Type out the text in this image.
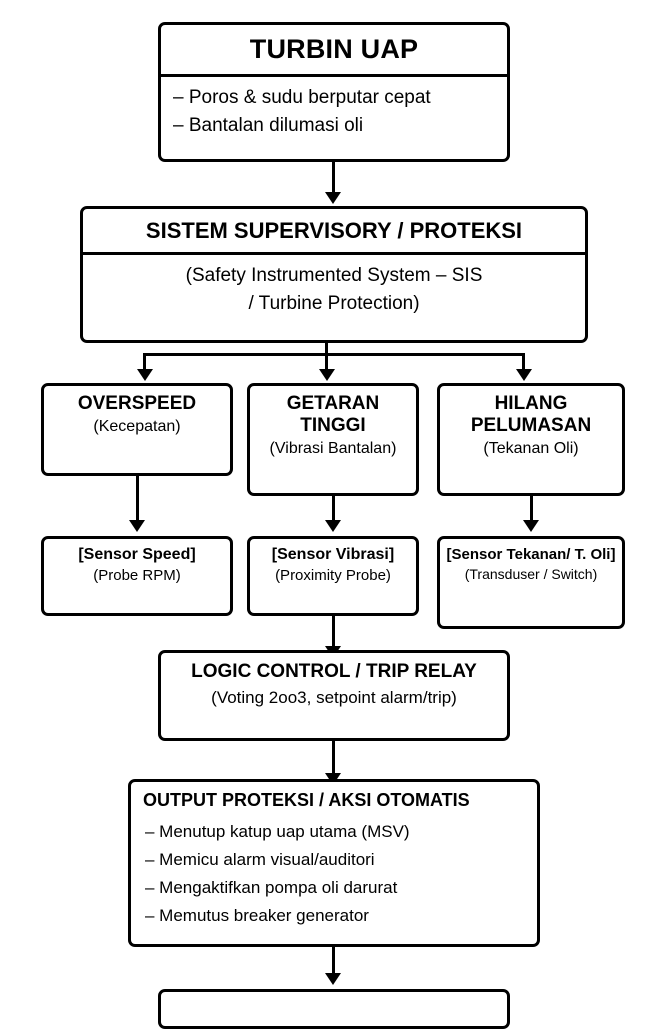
TURBIN UAP
– Poros & sudu berputar cepat
– Bantalan dilumasi oli
SISTEM SUPERVISORY / PROTEKSI
(Safety Instrumented System – SIS
/ Turbine Protection)
OVERSPEED
(Kecepatan)
GETARAN TINGGI
(Vibrasi Bantalan)
HILANG PELUMASAN
(Tekanan Oli)
[Sensor Speed]
(Probe RPM)
[Sensor Vibrasi]
(Proximity Probe)
[Sensor Tekanan/ T. Oli]
(Transduser / Switch)
LOGIC CONTROL / TRIP RELAY
(Voting 2oo3, setpoint alarm/trip)
OUTPUT PROTEKSI / AKSI OTOMATIS
– Menutup katup uap utama (MSV)
– Memicu alarm visual/auditori
– Mengaktifkan pompa oli darurat
– Memutus breaker generator
